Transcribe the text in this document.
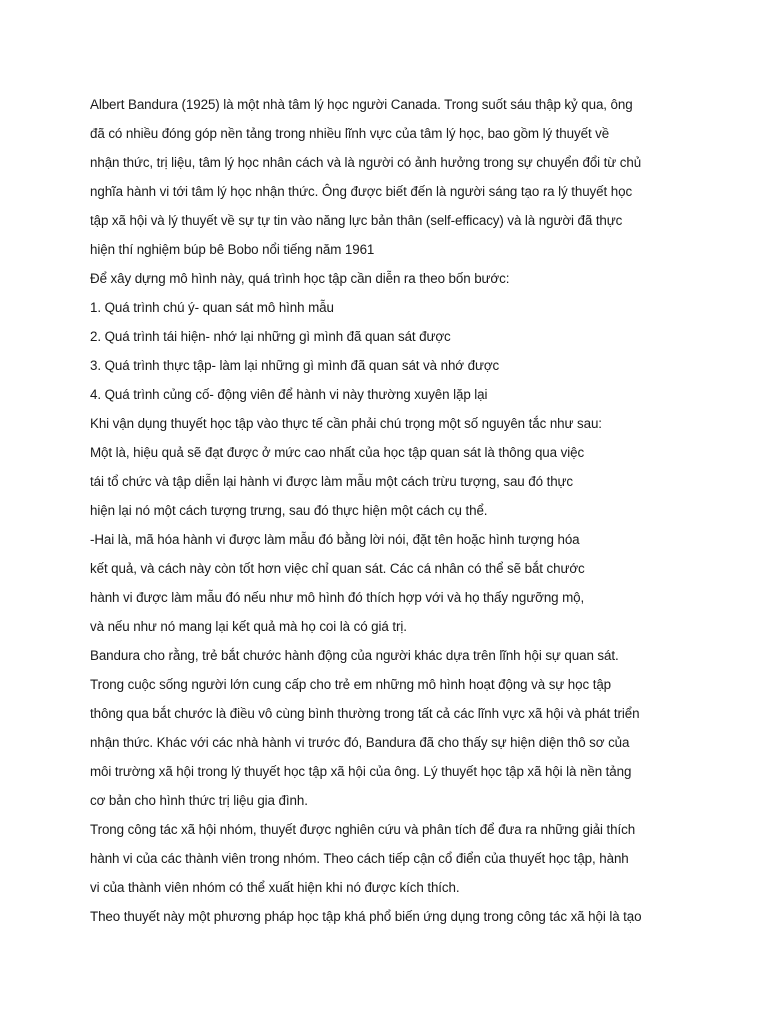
Albert Bandura (1925) là một nhà tâm lý học người Canada. Trong suốt sáu thập kỷ qua, ông
đã có nhiều đóng góp nền tảng trong nhiều lĩnh vực của tâm lý học, bao gồm lý thuyết về
nhận thức, trị liệu, tâm lý học nhân cách và là người có ảnh hưởng trong sự chuyển đổi từ chủ
nghĩa hành vi tới tâm lý học nhận thức. Ông được biết đến là người sáng tạo ra lý thuyết học
tập xã hội và lý thuyết về sự tự tin vào năng lực bản thân (self-efficacy) và là người đã thực
hiện thí nghiệm búp bê Bobo nổi tiếng năm 1961
Để xây dựng mô hình này, quá trình học tập cần diễn ra theo bốn bước:
1. Quá trình chú ý- quan sát mô hình mẫu
2. Quá trình tái hiện- nhớ lại những gì mình đã quan sát được
3. Quá trình thực tập- làm lại những gì mình đã quan sát và nhớ được
4. Quá trình củng cố- động viên để hành vi này thường xuyên lặp lại
Khi vận dụng thuyết học tập vào thực tế cần phải chú trọng một số nguyên tắc như sau:
Một là, hiệu quả sẽ đạt được ở mức cao nhất của học tập quan sát là thông qua việc
tái tổ chức và tập diễn lại hành vi được làm mẫu một cách trừu tượng, sau đó thực
hiện lại nó một cách tượng trưng, sau đó thực hiện một cách cụ thể.
-Hai là, mã hóa hành vi được làm mẫu đó bằng lời nói, đặt tên hoặc hình tượng hóa
kết quả, và cách này còn tốt hơn việc chỉ quan sát. Các cá nhân có thể sẽ bắt chước
hành vi được làm mẫu đó nếu như mô hình đó thích hợp với và họ thấy ngưỡng mộ,
và nếu như nó mang lại kết quả mà họ coi là có giá trị.
Bandura cho rằng, trẻ bắt chước hành động của người khác dựa trên lĩnh hội sự quan sát.
Trong cuộc sống người lớn cung cấp cho trẻ em những mô hình hoạt động và sự học tập
thông qua bắt chước là điều vô cùng bình thường trong tất cả các lĩnh vực xã hội và phát triển
nhận thức. Khác với các nhà hành vi trước đó, Bandura đã cho thấy sự hiện diện thô sơ của
môi trường xã hội trong lý thuyết học tập xã hội của ông. Lý thuyết học tập xã hội là nền tảng
cơ bản cho hình thức trị liệu gia đình.
Trong công tác xã hội nhóm, thuyết được nghiên cứu và phân tích để đưa ra những giải thích
hành vi của các thành viên trong nhóm. Theo cách tiếp cận cổ điển của thuyết học tập, hành
vi của thành viên nhóm có thể xuất hiện khi nó được kích thích.
Theo thuyết này một phương pháp học tập khá phổ biến ứng dụng trong công tác xã hội là tạo
